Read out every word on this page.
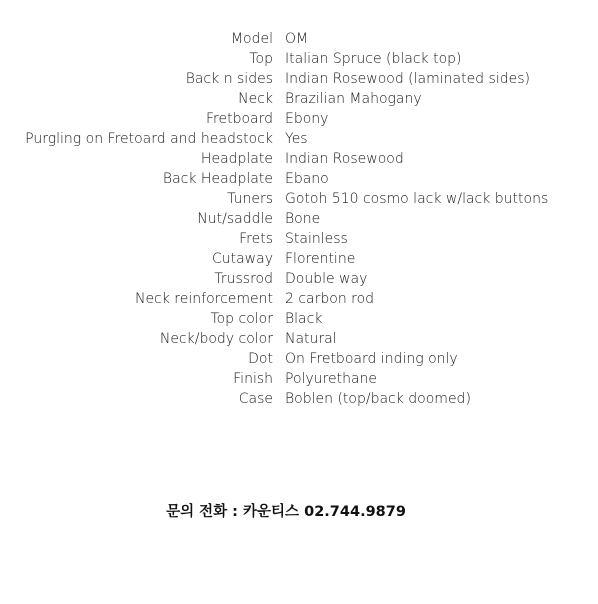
Model OM
Top Italian Spruce (black top)
Back n sides Indian Rosewood (laminated sides)
Neck Brazilian Mahogany
Fretboard Ebony
Purgling on Fretoard and headstock Yes
Headplate Indian Rosewood
Back Headplate Ebano
Tuners Gotoh 510 cosmo lack w/lack buttons
Nut/saddle Bone
Frets Stainless
Cutaway Florentine
Trussrod Double way
Neck reinforcement 2 carbon rod
Top color Black
Neck/body color Natural
Dot On Fretboard inding only
Finish Polyurethane
Case Boblen (top/back doomed)
문의 전화 : 카운티스 02.744.9879
